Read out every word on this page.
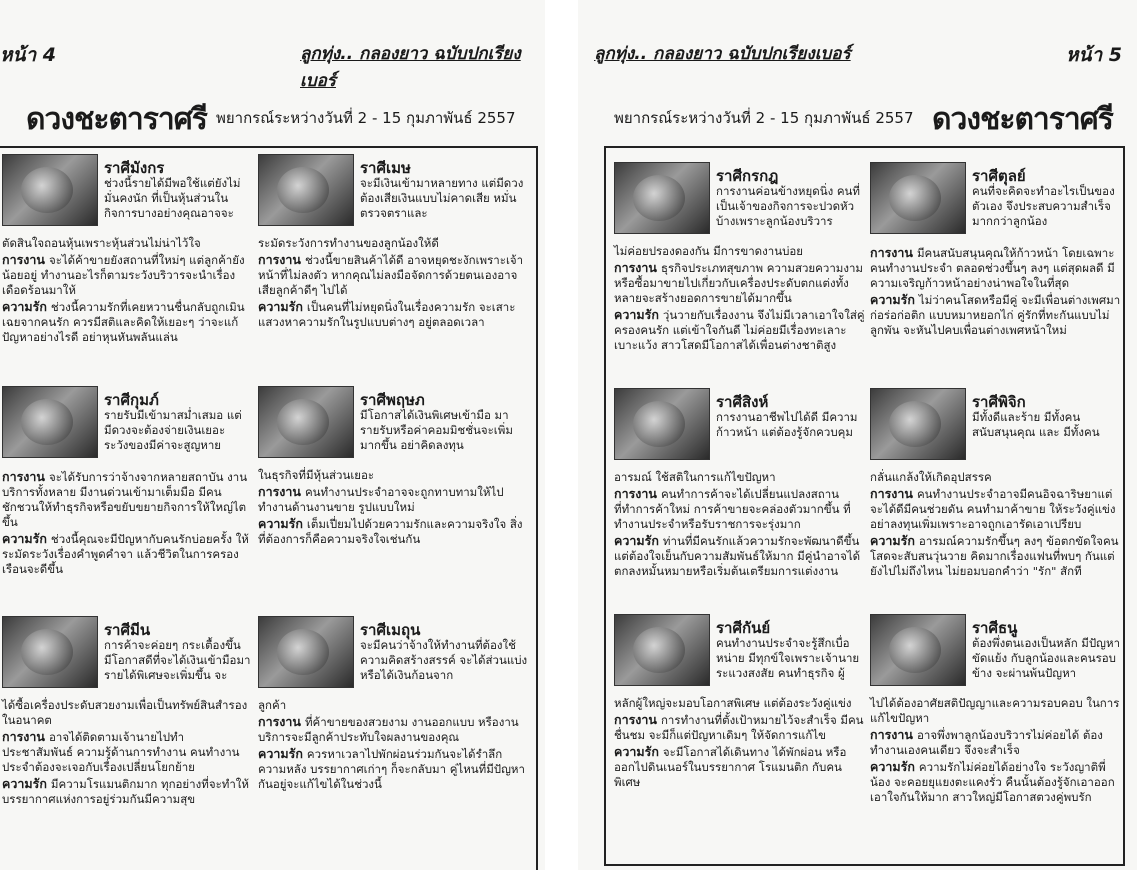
หน้า 4	ลูกทุ่ง.. กลองยาว ฉบับปกเรียงเบอร์
ดวงชะตาราศรี พยากรณ์ระหว่างวันที่ 2 - 15 กุมภาพันธ์ 2557
ราศีมังกร
ช่วงนี้รายได้มีพอใช้แต่ยังไม่มั่นคงนัก ที่เป็นหุ้นส่วนในกิจการบางอย่างคุณอาจจะ
ตัดสินใจถอนหุ้นเพราะหุ้นส่วนไม่น่าไว้ใจ
การงาน จะได้ค้าขายยังสถานที่ใหม่ๆ แต่ลูกค้ายังน้อยอยู่ ทำงานอะไรก็ตามระวังบริวารจะนำเรื่องเดือดร้อนมาให้
ความรัก ช่วงนี้ความรักที่เคยหวานชื่นกลับถูกเมินเฉยจากคนรัก ควรมีสติและคิดให้เยอะๆ ว่าจะแก้ปัญหาอย่างไรดี อย่าหุนหันพลันแล่น
ราศีเมษ
จะมีเงินเข้ามาหลายทาง แต่มีดวงต้องเสียเงินแบบไม่คาดเสีย หมั่นตรวจตราและ
ระมัดระวังการทำงานของลูกน้องให้ดี
การงาน ช่วงนี้ขายสินค้าได้ดี อาจหยุดชะงักเพราะเจ้าหน้าที่ไม่ลงตัว หากคุณไม่ลงมือจัดการด้วยตนเองอาจเสียลูกค้าดีๆ ไปได้
ความรัก เป็นคนที่ไม่หยุดนิ่งในเรื่องความรัก จะเสาะแสวงหาความรักในรูปแบบต่างๆ อยู่ตลอดเวลา
ราศีกุมภ์
รายรับมีเข้ามาสม่ำเสมอ แต่มีดวงจะต้องจ่ายเงินเยอะ ระวังของมีค่าจะสูญหาย
การงาน จะได้รับการว่าจ้างจากหลายสถาบัน งานบริการทั้งหลาย มีงานด่วนเข้ามาเต็มมือ มีคนชักชวนให้ทำธุรกิจหรือขยับขยายกิจการให้ใหญ่ไตขึ้น
ความรัก ช่วงนี้คุณจะมีปัญหากับคนรักบ่อยครั้ง ให้ระมัดระวังเรื่องคำพูดคำจา แล้วชีวิตในการครองเรือนจะดีขึ้น
ราศีพฤษภ
มีโอกาสได้เงินพิเศษเข้ามือ มา รายรับหรือค่าคอมมิชชั่นจะเพิ่มมากขึ้น อย่าคิดลงทุน
ในธุรกิจที่มีหุ้นส่วนเยอะ
การงาน คนทำงานประจำอาจจะถูกทาบทามให้ไปทำงานด้านงานขาย รูปแบบใหม่
ความรัก เต็มเปี่ยมไปด้วยความรักและความจริงใจ สิ่งที่ต้องการก็คือความจริงใจเช่นกัน
ราศีมีน
การค้าจะค่อยๆ กระเตื้องขึ้น มีโอกาสดีที่จะได้เงินเข้ามือมา รายได้พิเศษจะเพิ่มขึ้น จะ
ได้ซื้อเครื่องประดับสวยงามเพื่อเป็นทรัพย์สินสำรองในอนาคต
การงาน อาจได้ติดตามเจ้านายไปทำประชาสัมพันธ์ ความรู้ด้านการทำงาน คนทำงานประจำต้องจะเจอกับเรื่องเปลี่ยนโยกย้าย
ความรัก มีความโรแมนติกมาก ทุกอย่างที่จะทำให้บรรยากาศแห่งการอยู่ร่วมกันมีความสุข
ราศีเมถุน
จะมีคนว่าจ้างให้ทำงานที่ต้องใช้ความคิดสร้างสรรค์ จะได้ส่วนแบ่งหรือได้เงินก้อนจาก
ลูกค้า
การงาน ที่ค้าขายของสวยงาม งานออกแบบ หรืองานบริการจะมีลูกค้าประทับใจผลงานของคุณ
ความรัก ควรหาเวลาไปพักผ่อนร่วมกันจะได้รำลึกความหลัง บรรยากาศเก่าๆ ก็จะกลับมา คู่ไหนที่มีปัญหากันอยู่จะแก้ไขได้ในช่วงนี้
ลูกทุ่ง.. กลองยาว ฉบับปกเรียงเบอร์	หน้า 5
พยากรณ์ระหว่างวันที่ 2 - 15 กุมภาพันธ์ 2557 ดวงชะตาราศรี
ราศีกรกฎ
การงานค่อนข้างหยุดนิ่ง คนที่เป็นเจ้าของกิจการจะปวดหัวบ้างเพราะลูกน้องบริวาร
ไม่ค่อยปรองดองกัน มีการขาดงานบ่อย
การงาน ธุรกิจประเภทสุขภาพ ความสวยความงาม หรือซื้อมาขายไปเกี่ยวกับเครื่องประดับตกแต่งทั้งหลายจะสร้างยอดการขายได้มากขึ้น
ความรัก วุ่นวายกับเรื่องงาน จึงไม่มีเวลาเอาใจใส่คู่ครองคนรัก แต่เข้าใจกันดี ไม่ค่อยมีเรื่องทะเลาะเบาะแว้ง สาวโสดมีโอกาสได้เพื่อนต่างชาติสูง
ราศีตุลย์
คนที่จะคิดจะทำอะไรเป็นของตัวเอง จึงประสบความสำเร็จ มากกว่าลูกน้อง
การงาน มีคนสนับสนุนคุณให้ก้าวหน้า โดยเฉพาะคนทำงานประจำ ตลอดช่วงขึ้นๆ ลงๆ แต่สุดผลดี มีความเจริญก้าวหน้าอย่างน่าพอใจในที่สุด
ความรัก ไม่ว่าคนโสดหรือมีคู่ จะมีเพื่อนต่างเพศมาก่อร่อก่อติก แบบหมาหยอกไก่ คู่รักที่ทะกันแบบไม่ลูกพัน จะหันไปคบเพื่อนต่างเพศหน้าใหม่
ราศีสิงห์
การงานอาชีพไปได้ดี มีความก้าวหน้า แต่ต้องรู้จักควบคุม
อารมณ์ ใช้สติในการแก้ไขปัญหา
การงาน คนทำการค้าจะได้เปลี่ยนแปลงสถานที่ทำการค้าใหม่ การค้าขายจะคล่องตัวมากขึ้น ที่ทำงานประจำหรือรับราชการจะรุ่งมาก
ความรัก ท่านที่มีคนรักแล้วความรักจะพัฒนาดีขึ้น แต่ต้องใจเย็นกับความสัมพันธ์ให้มาก มีคู่นำอาจได้ตกลงหมั้นหมายหรือเริ่มต้นเตรียมการแต่งงาน
ราศีพิจิก
มีทั้งดีและร้าย มีทั้งคนสนับสนุนคุณ และ มีทั้งคน
กลั่นแกล้งให้เกิดอุปสรรค
การงาน คนทำงานประจำอาจมีคนอิจฉาริษยาแต่จะได้ดีมีคนช่วยดัน คนทำมาค้าขาย ให้ระวังคู่แข่ง อย่าลงทุนเพิ่มเพราะอาจถูกเอารัดเอาเปรียบ
ความรัก อารมณ์ความรักขึ้นๆ ลงๆ ข้อตกขัดใจคนโสดจะสับสนวุ่นวาย คิดมากเรื่องแฟนที่พบๆ กันแต่ยังไปไม่ถึงไหน ไม่ยอมบอกคำว่า "รัก" สักที
ราศีกันย์
คนทำงานประจำจะรู้สึกเบื่อหน่าย มีทุกข์ใจเพราะเจ้านายระแวงสงสัย คนทำธุรกิจ ผู้
หลักผู้ใหญ่จะมอบโอกาสพิเศษ แต่ต้องระวังคู่แข่ง
การงาน การทำงานที่ตั้งเป้าหมายไว้จะสำเร็จ มีคนชื่นชม จะมีก็แต่ปัญหาเดิมๆ ให้จัดการแก้ไข
ความรัก จะมีโอกาสได้เดินทาง ได้พักผ่อน หรือออกไปดินเนอร์ในบรรยากาศ โรแมนติก กับคนพิเศษ
ราศีธนู
ต้องพึ่งตนเองเป็นหลัก มีปัญหาขัดแย้ง กับลูกน้องและคนรอบข้าง จะผ่านพ้นปัญหา
ไปได้ต้องอาศัยสติปัญญาและความรอบคอบ ในการแก้ไขปัญหา
การงาน อาจพึ่งพาลูกน้องบริวารไม่ค่อยได้ ต้องทำงานเองคนเดียว จึงจะสำเร็จ
ความรัก ความรักไม่ค่อยได้อย่างใจ ระวังญาติพี่น้อง จะคอยยุแยงตะแคงรั่ว คืนนั้นต้องรู้จักเอาออกเอาใจกันให้มาก สาวใหญ่มีโอกาสตวงคู่พบรัก
